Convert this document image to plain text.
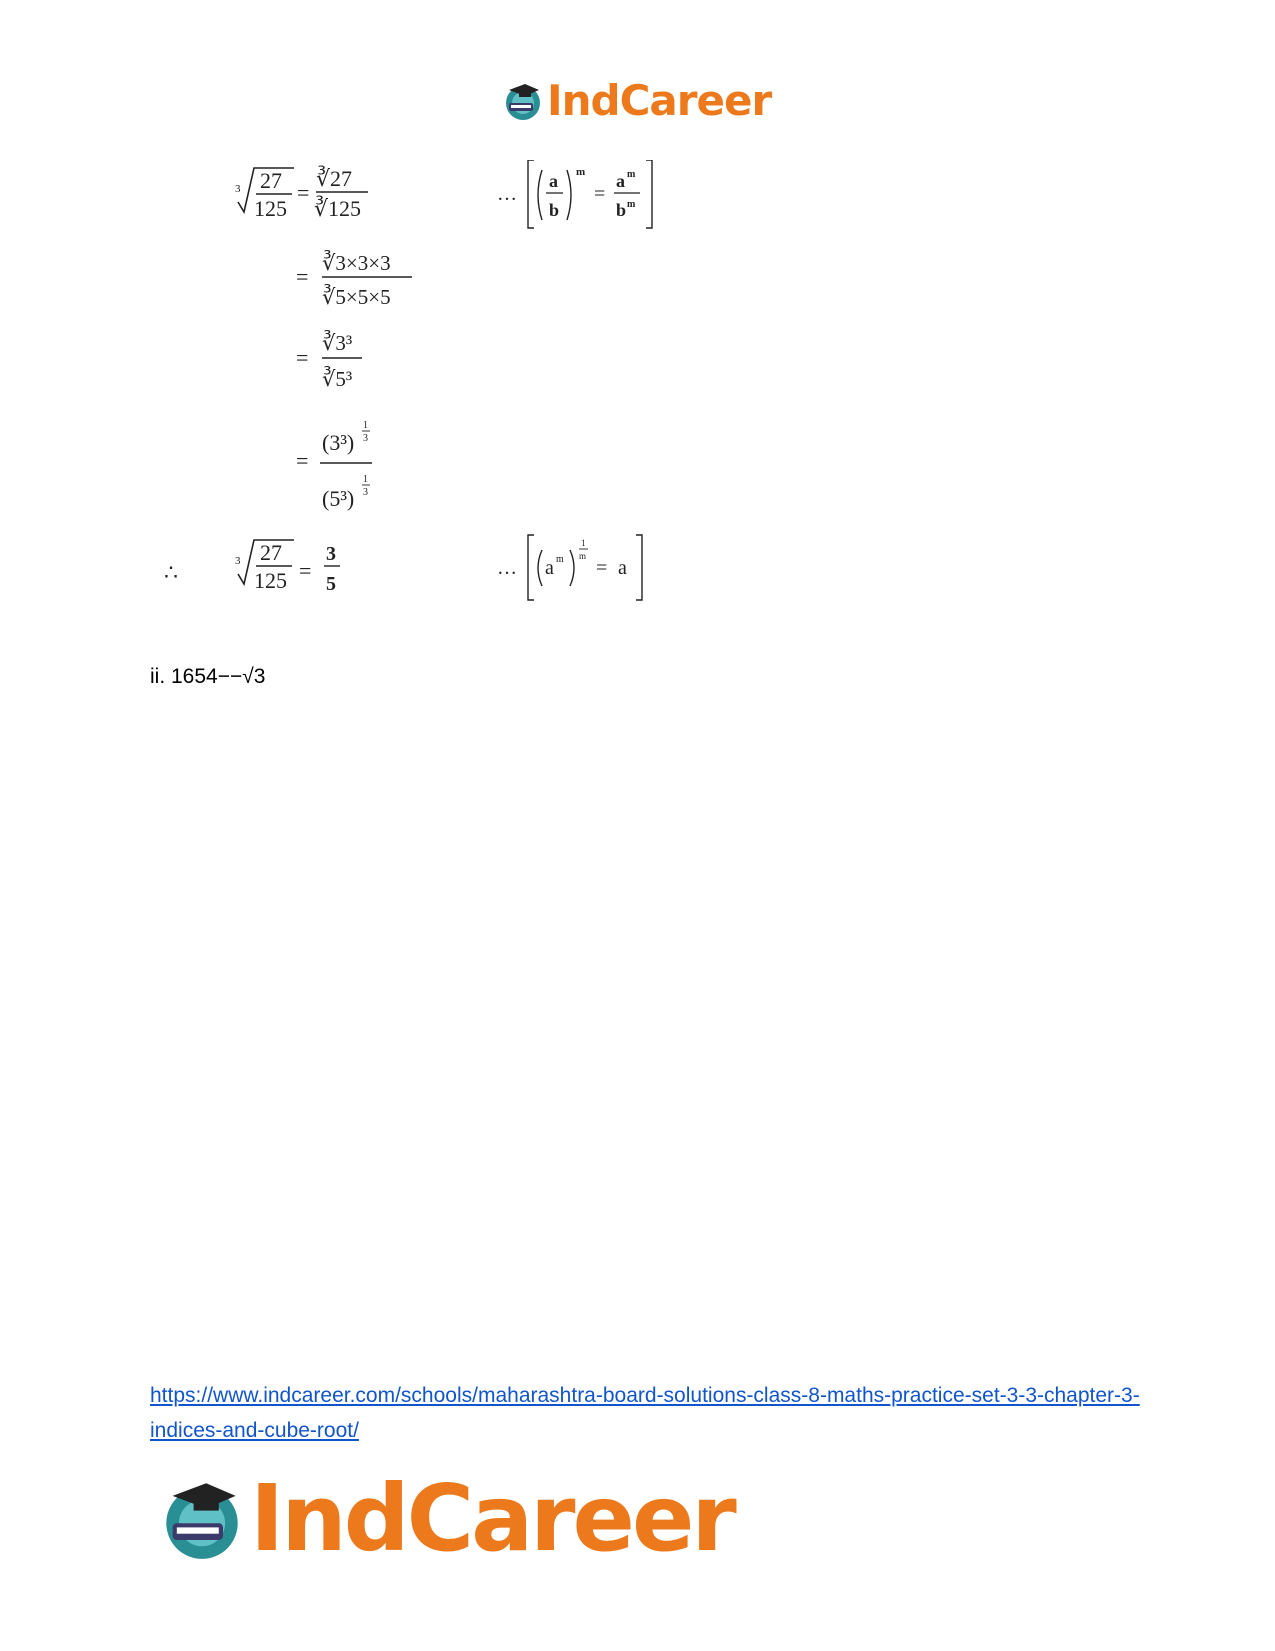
IndCareer
3 27
125
=
∛27
∛125
…
a
b
m
=
a m
b m
=
∛3×3×3
∛5×5×5
=
∛3³
∛5³
=
(3³)
1
3
(5³)
1
3
∴	3 27
125 =
3
5
… a m
1
m
= a
ii. 1654−−√3
https://www.indcareer.com/schools/maharashtra-board-solutions-class-8-maths-practice-set-3-3-chapter-3-indices-and-cube-root/
IndCareer
